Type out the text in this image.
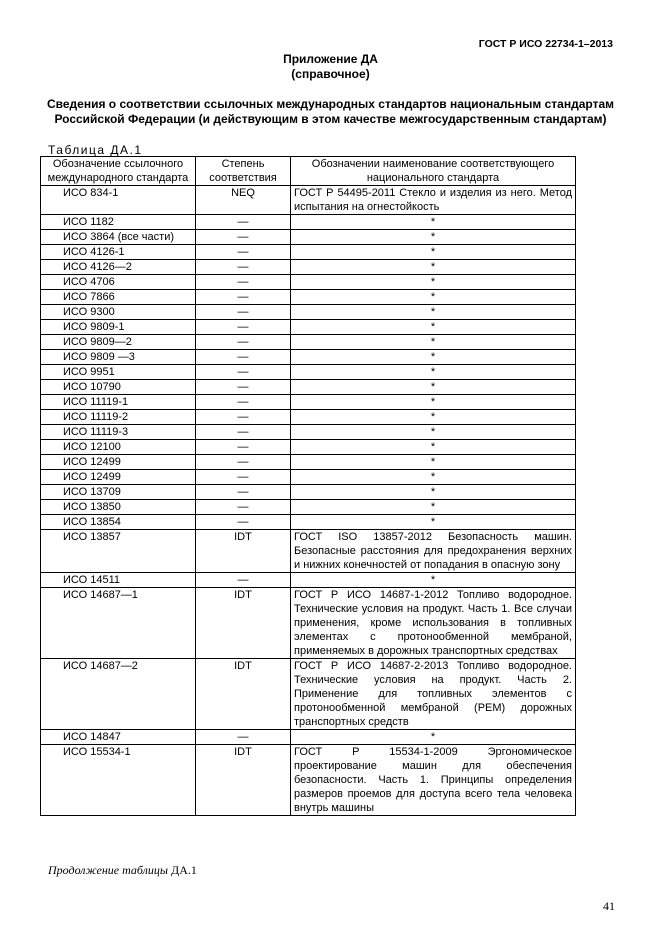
ГОСТ Р ИСО 22734-1–2013
Приложение ДА
(справочное)
Сведения о соответствии ссылочных международных стандартов национальным стандартам Российской Федерации (и действующим в этом качестве межгосударственным стандартам)
Таблица ДА.1
Обозначение ссылочного международного стандарта	Степень соответствия	Обозначении наименование соответствующего национального стандарта
ИСО 834-1	NEQ	ГОСТ Р 54495-2011 Стекло и изделия из него. Метод испытания на огнестойкость
ИСО 1182	—	*
ИСО 3864 (все части)	—	*
ИСО 4126-1	—	*
ИСО 4126—2	—	*
ИСО 4706	—	*
ИСО 7866	—	*
ИСО 9300	—	*
ИСО 9809-1	—	*
ИСО 9809—2	—	*
ИСО 9809 —3	—	*
ИСО 9951	—	*
ИСО 10790	—	*
ИСО 11119-1	—	*
ИСО 11119-2	—	*
ИСО 11119-3	—	*
ИСО 12100	—	*
ИСО 12499	—	*
ИСО 12499	—	*
ИСО 13709	—	*
ИСО 13850	—	*
ИСО 13854	—	*
ИСО 13857	IDT	ГОСТ ISO 13857-2012 Безопасность машин. Безопасные расстояния для предохранения верхних и нижних конечностей от попадания в опасную зону
ИСО 14511	—	*
ИСО 14687—1	IDT	ГОСТ Р ИСО 14687-1-2012 Топливо водородное. Технические условия на продукт. Часть 1. Все случаи применения, кроме использования в топливных элементах с протонообменной мембраной, применяемых в дорожных транспортных средствах
ИСО 14687—2	IDT	ГОСТ Р ИСО 14687-2-2013 Топливо водородное. Технические условия на продукт. Часть 2. Применение для топливных элементов с протонообменной мембраной (РЕМ) дорожных транспортных средств
ИСО 14847	—	*
ИСО 15534-1	IDT	ГОСТ Р 15534-1-2009 Эргономическое проектирование машин для обеспечения безопасности. Часть 1. Принципы определения размеров проемов для доступа всего тела человека внутрь машины
Продолжение таблицы ДА.1
41
